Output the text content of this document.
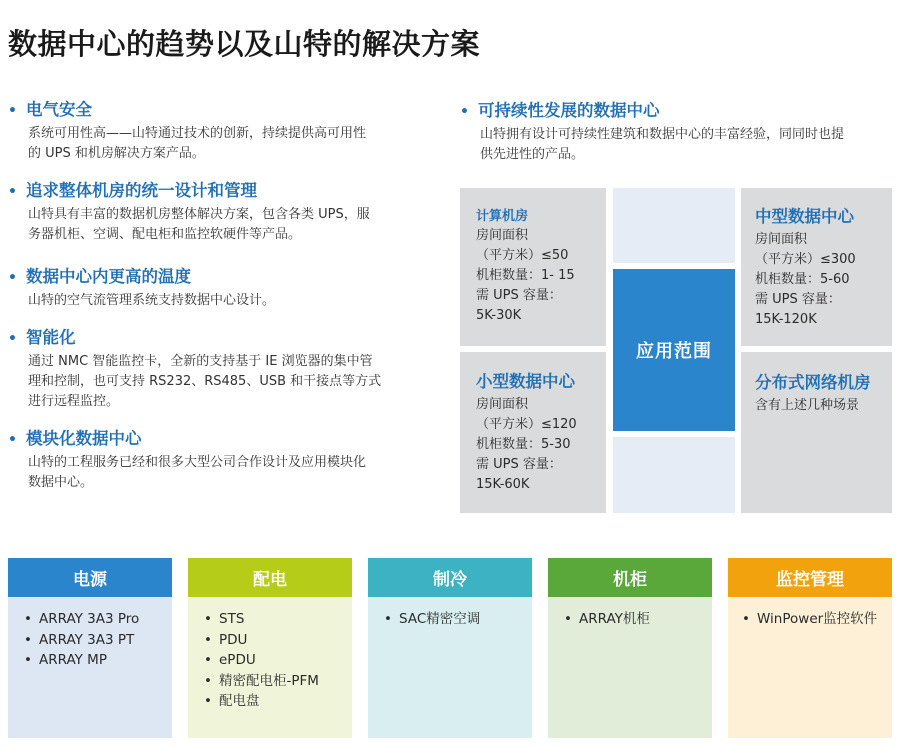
数据中心的趋势以及山特的解决方案
• 电气安全
系统可用性高——山特通过技术的创新，持续提供高可用性
的 UPS 和机房解决方案产品。
• 追求整体机房的统一设计和管理
山特具有丰富的数据机房整体解决方案，包含各类 UPS，服
务器机柜、空调、配电柜和监控软硬件等产品。
• 数据中心内更高的温度
山特的空气流管理系统支持数据中心设计。
• 智能化
通过 NMC 智能监控卡，全新的支持基于 IE 浏览器的集中管
理和控制，也可支持 RS232、RS485、USB 和干接点等方式
进行远程监控。
• 模块化数据中心
山特的工程服务已经和很多大型公司合作设计及应用模块化
数据中心。
• 可持续性发展的数据中心
山特拥有设计可持续性建筑和数据中心的丰富经验，同同时也提
供先进性的产品。
计算机房
房间面积
（平方米）≤50
机柜数量：1- 15
需 UPS 容量：
5K-30K
中型数据中心
房间面积
（平方米）≤300
机柜数量：5-60
需 UPS 容量：
15K-120K
应用范围
小型数据中心
房间面积
（平方米）≤120
机柜数量：5-30
需 UPS 容量：
15K-60K
分布式网络机房
含有上述几种场景
电源
• ARRAY 3A3 Pro
• ARRAY 3A3 PT
• ARRAY MP
配电
• STS
• PDU
• ePDU
• 精密配电柜-PFM
• 配电盘
制冷
• SAC精密空调
机柜
• ARRAY机柜
监控管理
• WinPower监控软件
